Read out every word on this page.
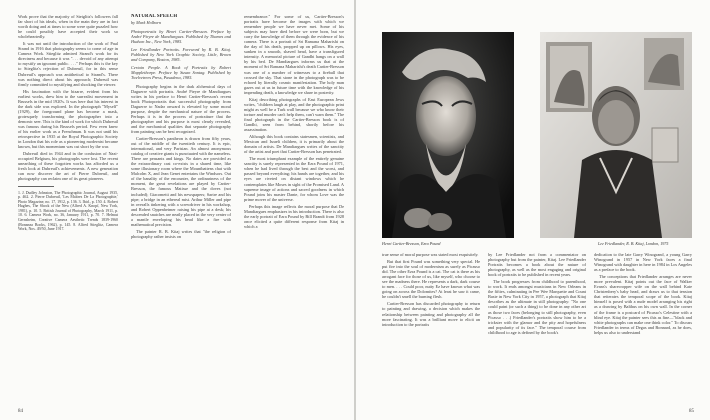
Work prove that the majority of Steiglitz's followers fall far short of his ideals, when in the main they are in fact worth doing and at times to some were quite puzzled how he could possibly have accepted their work so wholeheartedly.

It was not until the introduction of the work of Paul Strand in 1916 that photography seems to come of age in Camera Work. Stieglitz admired Strand's work for its directness and because it was ". . . devoid of any attempt to mystify an ignorant public. . . ." Perhaps this is the key to Stieglitz's rejection of Dubreuil, for in this sense Dubreuil's approach was antithetical to Strand's. There was nothing direct about his approach; Dubreuil was firmly committed to mystifying and shocking the viewer.

His fascination with the bizarre, evident from his earliest works, drew him to the surrealist movement in Brussels in the mid 1920's. It was here that his interest in the dark side was explored. In the photograph "Myself" (1929), the foreground plane has become a mask, grotesquely transforming the photographer into a demonic seer. This is the kind of work for which Dubreuil was famous during his Brussels period. Few even knew of his earlier work as a Frenchman. It was not until his retrospective in 1935 at the Royal Photographic Society in London that his role as a pioneering modernist became known, but this momentum was cut short by the war.

Dubreuil died in 1944 and in the confusion of Nazi-occupied Belgium, his photographs were lost. The recent unearthing of these forgotten works has afforded us a fresh look at Dubreuil's achievements. A new generation can now discover the art of Pierre Dubreuil, and photography can reclaim one of its great pioneers.

1. J. Dudley Johnston, The Photographic Journal, August 1935, p. 462. 2. Pierre Dubreuil, 'Les Maîtres De La Photographie,' Photo Magazine, no. 17, 1912, p. 136. 3. Ibid., p. 150. 4. Robert Hughes, The Shock of the New (Alfred A. Knopf, New York, 1981), p. 10. 5. British Journal of Photography, March 1911, p. 10. 6. Camera Work, no. 36, January 1911, p. 70. 7. Helmut Gernsheim, Creative Camera Aesthetic Trends 1839-1960 (Bonanza Books, 1962), p. 145. 8. Alfred Stieglitz, Camera Work, Nos. 49/50, June 1917.

NATURAL SPEECH
by Mark Holborn

Photoportraits by Henri Cartier-Bresson. Preface by André Pieyre de Mandiargues. Published by Thames and Hudson Inc., New York, 1985.

Lee Friedlander Portraits. Foreword by R. B. Kitaj. Published by New York Graphic Society, Little, Brown and Company, Boston, 1985.

Certain People. A Book of Portraits by Robert Mapplethorpe. Preface by Susan Sontag. Published by Twelvetrees Press, Pasadena, 1985.

Photography begins in the dark alchemical days of Daguerre with portraits. André Pieyre de Mandiargues writes in his preface to Henri Cartier-Bresson's recent book Photoportraits that successful photography from Daguerre to Nadar onward is elevated by some moral purpose, despite the mechanical nature of the process. Perhaps it is in the process of portraiture that the photographer and his purpose is most clearly revealed, and the mechanical qualities that separate photography from painting can be best recognized.

Cartier-Bresson's pantheon is drawn from fifty years, out of the middle of the twentieth century. It is epic, international, and very Parisian. An almost anonymous catalog of creative giants is punctuated with the nameless. There are peasants and kings. No dates are provided as the extraordinary cast co-exists in a shared time, like some illusionary room where the Mountbattens chat with Malcolm X, and Jean Genet entertains the Windsors. Out of the banality of the encounter, the ordinariness of the moment, the great revelations are played by Cartier-Bresson, the famous Matisse and the doves (not included); Giacometti and his newspapers; Sartre and his pipe; a bridge in an ethereal mist. Arthur Miller and pipe in overalls tinkering with a screwdriver in his workshop, and Robert Oppenheimer raising his pipe at a desk; his descended snatches are neatly placed in the very center of a mantle enveloping his head like a fire with mathematical precision.

The painter R. B. Kitaj writes that "the religion of photography rather insists on

remembrance." For some of us, Cartier-Bresson's portraits have become the images with which we remember people we have never met. Some of his subjects may have died before we were born, but we carry the knowledge of them through the evidence of his camera. There is a portrait of Sri Ramana Maharishi on the day of his death, propped up on pillows. His eyes, sunken in a smooth, shaved head, have a transfigured intensity. A memorial picture of Gandhi hangs on a wall by his bed. De Mandiargues informs us that at the moment of Sri Ramana Maharishi's death Cartier-Bresson was one of a number of witnesses to a fireball that crossed the sky. That stone in the photograph was to be echoed by literally cosmic manifestation. The holy man gazes out at us in future time with the knowledge of his impending death, a knowledge we share in posterity.

Kitaj describing photographs of East European Jews writes, "children laugh at play, and the photographic print might as well be a Turk wall because we who know their torture and murder can't help them, can't warn them." The final photograph in the Cartier-Bresson book is of Gandhi, seen from behind, shortly before his assassination.

Although this book contains statesmen, scientists, and Mexican and Israeli children, it is primarily about the domain of artists. De Mandiargues writes of the sanctity of the artist and poet that Cartier-Bresson has penetrated.

The most triumphant example of the entirely genuine sanctity is surely represented in the Ezra Pound of 1971, when he had lived through the best and the worst, and passed beyond everything; his hands are together, and his eyes are riveted on distant windows which he contemplates like Moses in sight of the Promised Land. A supreme image of actions and sacred goodness in which Pound joins his master Dante, for whom Love was the prime mover of the universe.

Perhaps this image reflects the moral purpose that De Mandiargues emphasizes in his introduction. There is also the early portrait of Ezra Pound by Bill Brandt from 1928 once elicited a quite different response from Kitaj in which a

84
Henri Cartier-Bresson, Ezra Pound	Lee Friedlander, R. B. Kitaj, London, 1975

true sense of moral purpose was stated most exquisitely.

But that first Pound was something very special. He put fire into the soul of modernism as surely as Picasso did. The other Ezra Pound is a cat. The cat is there as his arrogant face for those of us, like myself, who choose to see the madness there. He represents a dark, dark course to men. . . . Could poor, nutty Ez have known what was going on across the Dolomites? At least he saw it came, he couldn't smell the burning flesh.

Cartier-Bresson has discarded photography to return to painting and drawing, a decision which makes the relationship between painting and photography all the more fascinating. It was a brilliant move to elicit an introduction to the portraits

by Lee Friedlander not from a commentator on photography but from the painter, Kitaj. Lee Friedlander Portraits becomes a book about the nature of photography, as well as the most engaging and original book of portraits to be published in recent years.

The book progresses from childhood to parenthood, to work. It ends amongst musicians in New Orleans in the fifties, culminating in Pee Wee Marquette and Count Basie in New York City in 1957, a photograph that Kitaj describes as the ultimate in still photography: "No one could paint (or such a thing) to be done in any other art as those two faces (belonging to still photography, even Picasso . . .) Friedlander's portraits show him to be a trickster with the glamor and the pity and hopefulness and popularity of its face." The temporal course from childhood to age is defined by the book's

dedication to the late Garry Winogrand, a young Garry Winogrand in 1957 in New York faces a final Winogrand with daughter in here in 1984 in Los Angeles as a preface to the book.

The conceptions that Friedlander arranges are never more prevalent. Kitaj points out the face of Walker Evans's sharecropper wife on the wall behind Kate Christenbery's baby head, and draws us to that tension that reiterates the temporal scope of the book. Kitaj himself is posed with a nude model arranging his right as a drawing by Balthus on his own wall. In the corner of the frame is a postcard of Picasso's Celestine with a blind eye. Kitaj the painter sees this as fine—"black and white photographs can make one think color." To discuss Friedlander in terms of Degas and Bonnard, as he does, helps us also to understand

85
